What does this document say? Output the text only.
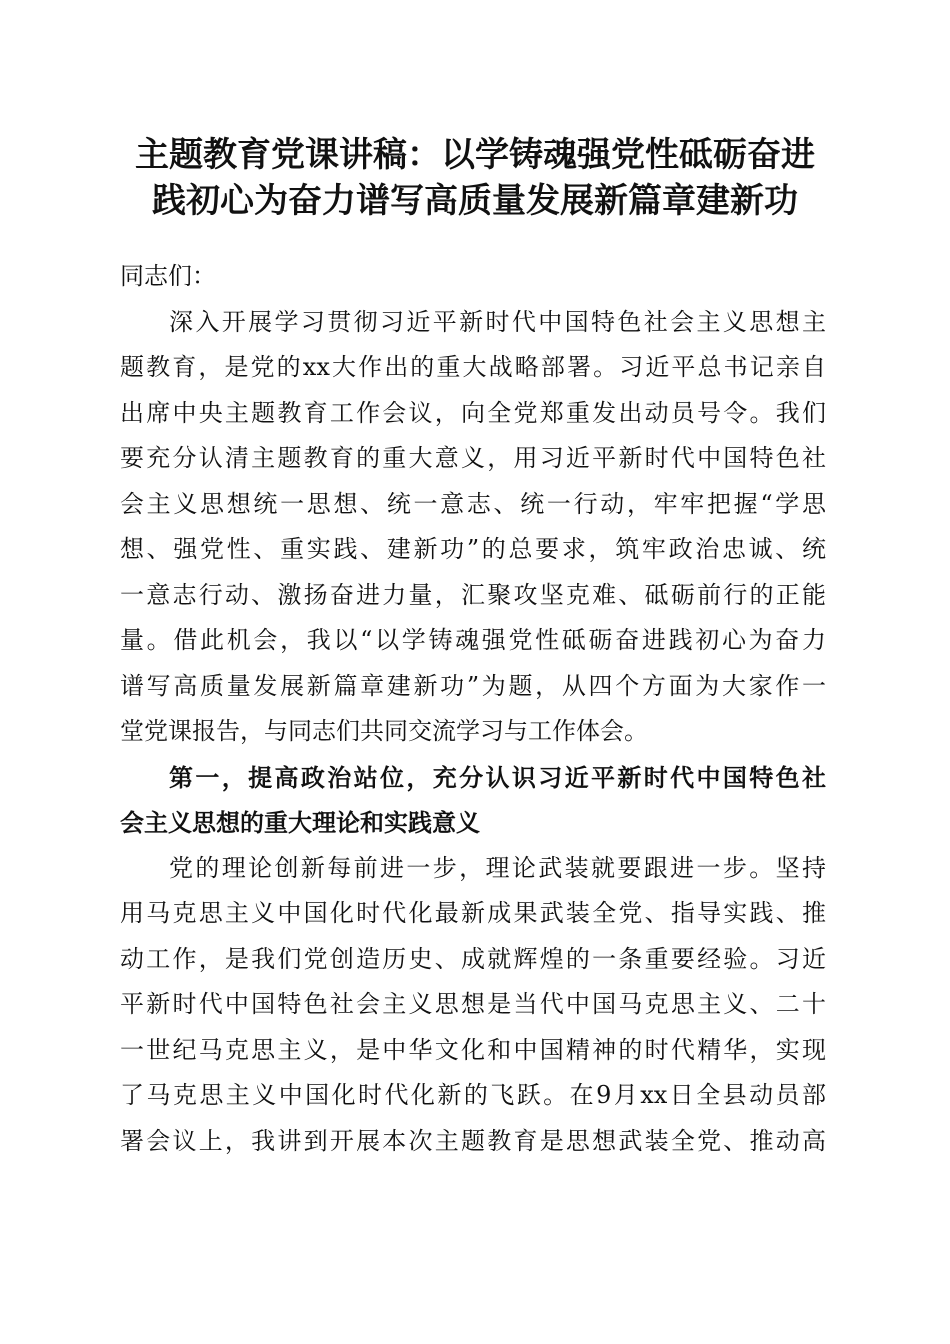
主题教育党课讲稿：以学铸魂强党性砥砺奋进
践初心为奋力谱写高质量发展新篇章建新功
同志们：
深入开展学习贯彻习近平新时代中国特色社会主义思想主
题教育，是党的xx大作出的重大战略部署。习近平总书记亲自
出席中央主题教育工作会议，向全党郑重发出动员号令。我们
要充分认清主题教育的重大意义，用习近平新时代中国特色社
会主义思想统一思想、统一意志、统一行动，牢牢把握“学思
想、强党性、重实践、建新功”的总要求，筑牢政治忠诚、统
一意志行动、激扬奋进力量，汇聚攻坚克难、砥砺前行的正能
量。借此机会，我以“以学铸魂强党性砥砺奋进践初心为奋力
谱写高质量发展新篇章建新功”为题，从四个方面为大家作一
堂党课报告，与同志们共同交流学习与工作体会。
第一，提高政治站位，充分认识习近平新时代中国特色社
会主义思想的重大理论和实践意义
党的理论创新每前进一步，理论武装就要跟进一步。坚持
用马克思主义中国化时代化最新成果武装全党、指导实践、推
动工作，是我们党创造历史、成就辉煌的一条重要经验。习近
平新时代中国特色社会主义思想是当代中国马克思主义、二十
一世纪马克思主义，是中华文化和中国精神的时代精华，实现
了马克思主义中国化时代化新的飞跃。在9月xx日全县动员部
署会议上，我讲到开展本次主题教育是思想武装全党、推动高
